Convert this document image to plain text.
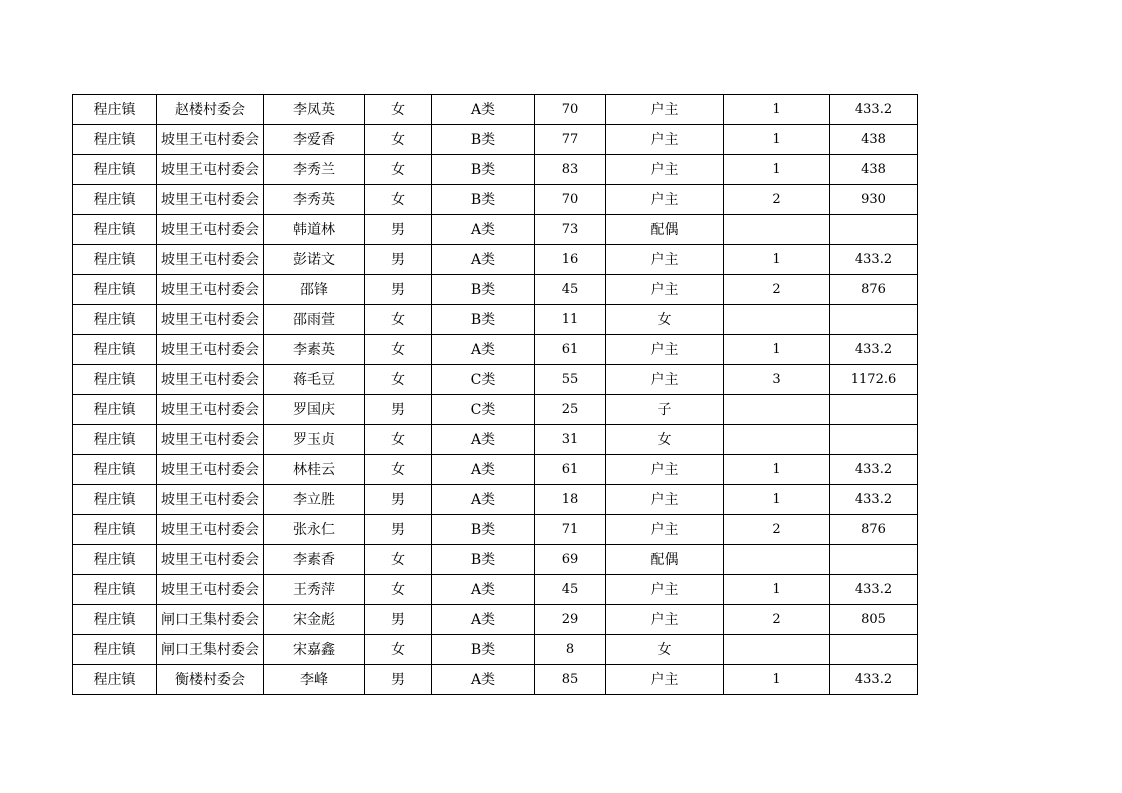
程庄镇	赵楼村委会	李凤英	女	A类	70	户主	1	433.2
程庄镇	坡里王屯村委会	李爱香	女	B类	77	户主	1	438
程庄镇	坡里王屯村委会	李秀兰	女	B类	83	户主	1	438
程庄镇	坡里王屯村委会	李秀英	女	B类	70	户主	2	930
程庄镇	坡里王屯村委会	韩道林	男	A类	73	配偶		
程庄镇	坡里王屯村委会	彭诺文	男	A类	16	户主	1	433.2
程庄镇	坡里王屯村委会	邵锋	男	B类	45	户主	2	876
程庄镇	坡里王屯村委会	邵雨萱	女	B类	11	女		
程庄镇	坡里王屯村委会	李素英	女	A类	61	户主	1	433.2
程庄镇	坡里王屯村委会	蒋毛豆	女	C类	55	户主	3	1172.6
程庄镇	坡里王屯村委会	罗国庆	男	C类	25	子		
程庄镇	坡里王屯村委会	罗玉贞	女	A类	31	女		
程庄镇	坡里王屯村委会	林桂云	女	A类	61	户主	1	433.2
程庄镇	坡里王屯村委会	李立胜	男	A类	18	户主	1	433.2
程庄镇	坡里王屯村委会	张永仁	男	B类	71	户主	2	876
程庄镇	坡里王屯村委会	李素香	女	B类	69	配偶		
程庄镇	坡里王屯村委会	王秀萍	女	A类	45	户主	1	433.2
程庄镇	闸口王集村委会	宋金彪	男	A类	29	户主	2	805
程庄镇	闸口王集村委会	宋嘉鑫	女	B类	8	女		
程庄镇	衡楼村委会	李峰	男	A类	85	户主	1	433.2
